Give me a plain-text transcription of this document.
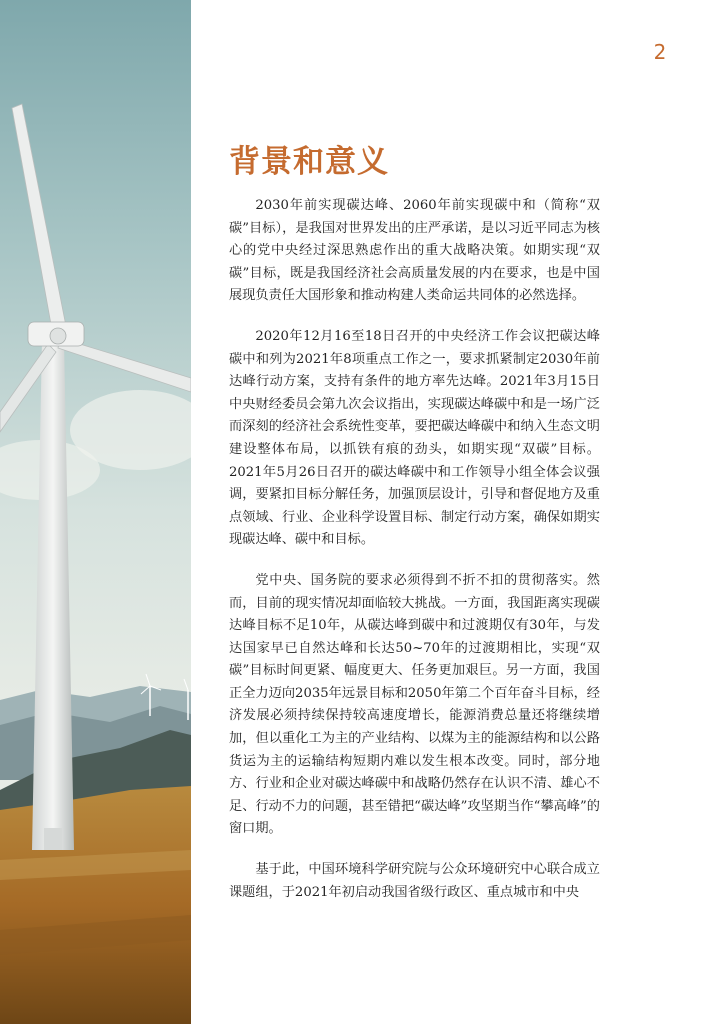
2
背景和意义

2030年前实现碳达峰、2060年前实现碳中和（简称“双碳”目标），是我国对世界发出的庄严承诺，是以习近平同志为核心的党中央经过深思熟虑作出的重大战略决策。如期实现“双碳”目标，既是我国经济社会高质量发展的内在要求，也是中国展现负责任大国形象和推动构建人类命运共同体的必然选择。

2020年12月16至18日召开的中央经济工作会议把碳达峰碳中和列为2021年8项重点工作之一，要求抓紧制定2030年前达峰行动方案，支持有条件的地方率先达峰。2021年3月15日中央财经委员会第九次会议指出，实现碳达峰碳中和是一场广泛而深刻的经济社会系统性变革，要把碳达峰碳中和纳入生态文明建设整体布局，以抓铁有痕的劲头，如期实现“双碳”目标。2021年5月26日召开的碳达峰碳中和工作领导小组全体会议强调，要紧扣目标分解任务，加强顶层设计，引导和督促地方及重点领域、行业、企业科学设置目标、制定行动方案，确保如期实现碳达峰、碳中和目标。

党中央、国务院的要求必须得到不折不扣的贯彻落实。然而，目前的现实情况却面临较大挑战。一方面，我国距离实现碳达峰目标不足10年，从碳达峰到碳中和过渡期仅有30年，与发达国家早已自然达峰和长达50~70年的过渡期相比，实现“双碳”目标时间更紧、幅度更大、任务更加艰巨。另一方面，我国正全力迈向2035年远景目标和2050年第二个百年奋斗目标，经济发展必须持续保持较高速度增长，能源消费总量还将继续增加，但以重化工为主的产业结构、以煤为主的能源结构和以公路货运为主的运输结构短期内难以发生根本改变。同时，部分地方、行业和企业对碳达峰碳中和战略仍然存在认识不清、雄心不足、行动不力的问题，甚至错把“碳达峰”攻坚期当作“攀高峰”的窗口期。

基于此，中国环境科学研究院与公众环境研究中心联合成立课题组，于2021年初启动我国省级行政区、重点城市和中央
